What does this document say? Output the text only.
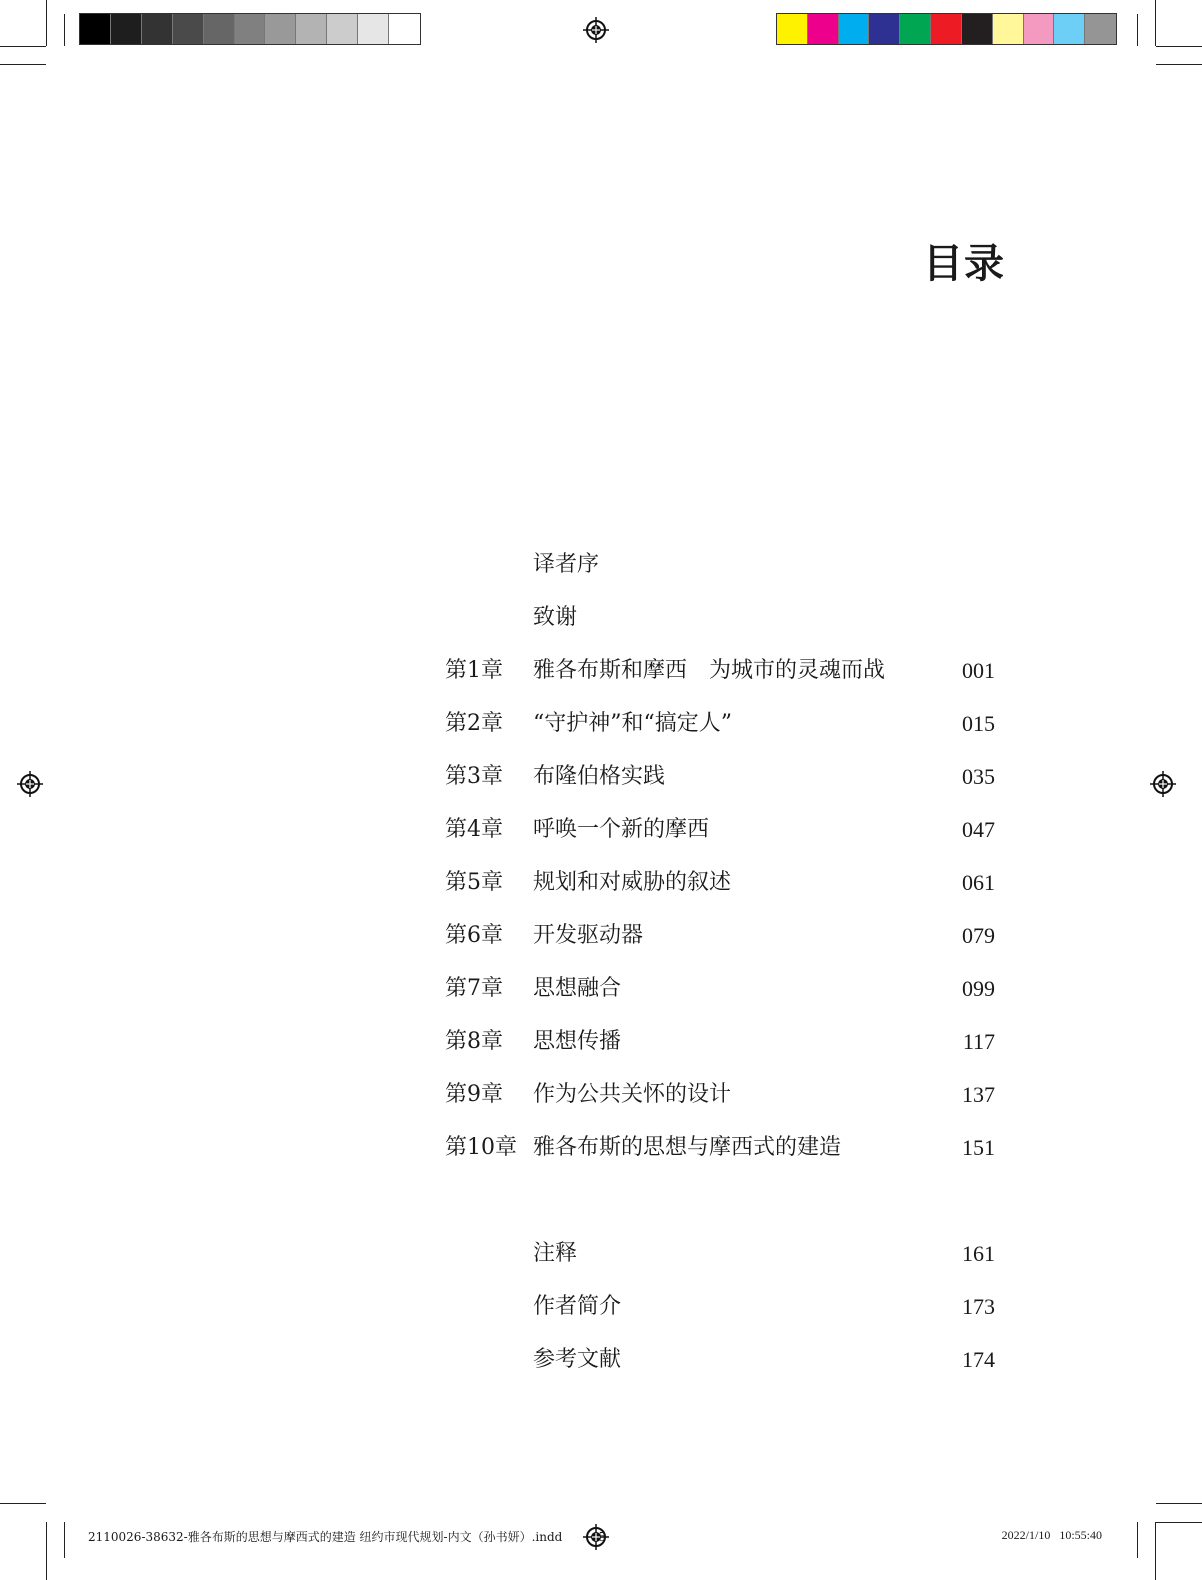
目录
译者序
致谢
第1章 雅各布斯和摩西　为城市的灵魂而战	001
第2章 “守护神”和“搞定人”	015
第3章 布隆伯格实践	035
第4章 呼唤一个新的摩西	047
第5章 规划和对威胁的叙述	061
第6章 开发驱动器	079
第7章 思想融合	099
第8章 思想传播	117
第9章 作为公共关怀的设计	137
第10章 雅各布斯的思想与摩西式的建造	151
注释	161
作者简介	173
参考文献	174
2110026-38632-雅各布斯的思想与摩西式的建造 纽约市现代规划-内文（孙书妍）.indd   	5	2022/1/10   10:55:40
